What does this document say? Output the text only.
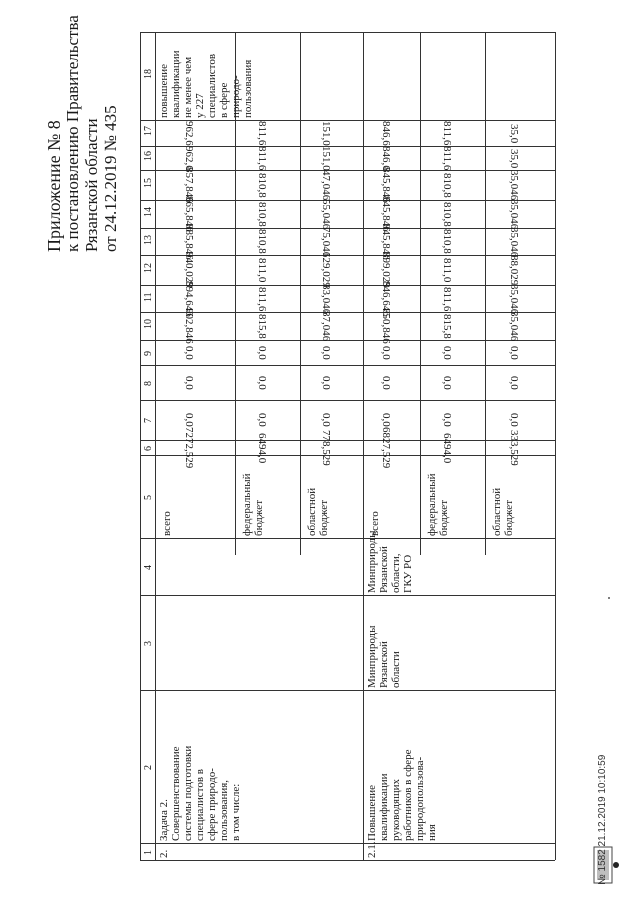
Приложение № 8 к постановлению Правительства Рязанской области от 24.12.2019 № 435
1
2
3
4
5
6
7
8
9
10
11
12
13
14
15
16
17
18
2.
Задача 2. Совершенствование системы подготовки специалистов в сфере природо- пользования, в том числе:
всего
7272,529
0,0
0,0
0,0
902,846
894,646
940,029
885,846
865,846
857,846
962,6
962,6
повышение квалификации не менее чем у 227 специалистов в сфере природо- пользования
федеральный бюджет
6494,0
0,0
0,0
0,0
815,8
811,6
811,0
810,8
810,8
810,8
811,6
811,6
областной бюджет
778,529
0,0
0,0
0,0
87,046
83,046
129,029
75,046
55,046
47,046
151,0
151,0
2.1.
Повышение квалификации руководящих работников в сфере природопользова- ния
Минприроды Рязанской области
Минприроды Рязанской области, ГКУ РО
всего
6827,529
0,0
0,0
0,0
850,846
846,646
899,029
845,846
845,846
845,846
846,6
846,6
федеральный бюджет
6494,0
0,0
0,0
0,0
815,8
811,6
811,0
810,8
810,8
810,8
811,6
811,6
областной бюджет
333,529
0,0
0,0
0,0
35,046
35,046
88,029
35,046
35,046
35,046
35,0
35,0
№ 1582 21.12.2019 10:10:59
